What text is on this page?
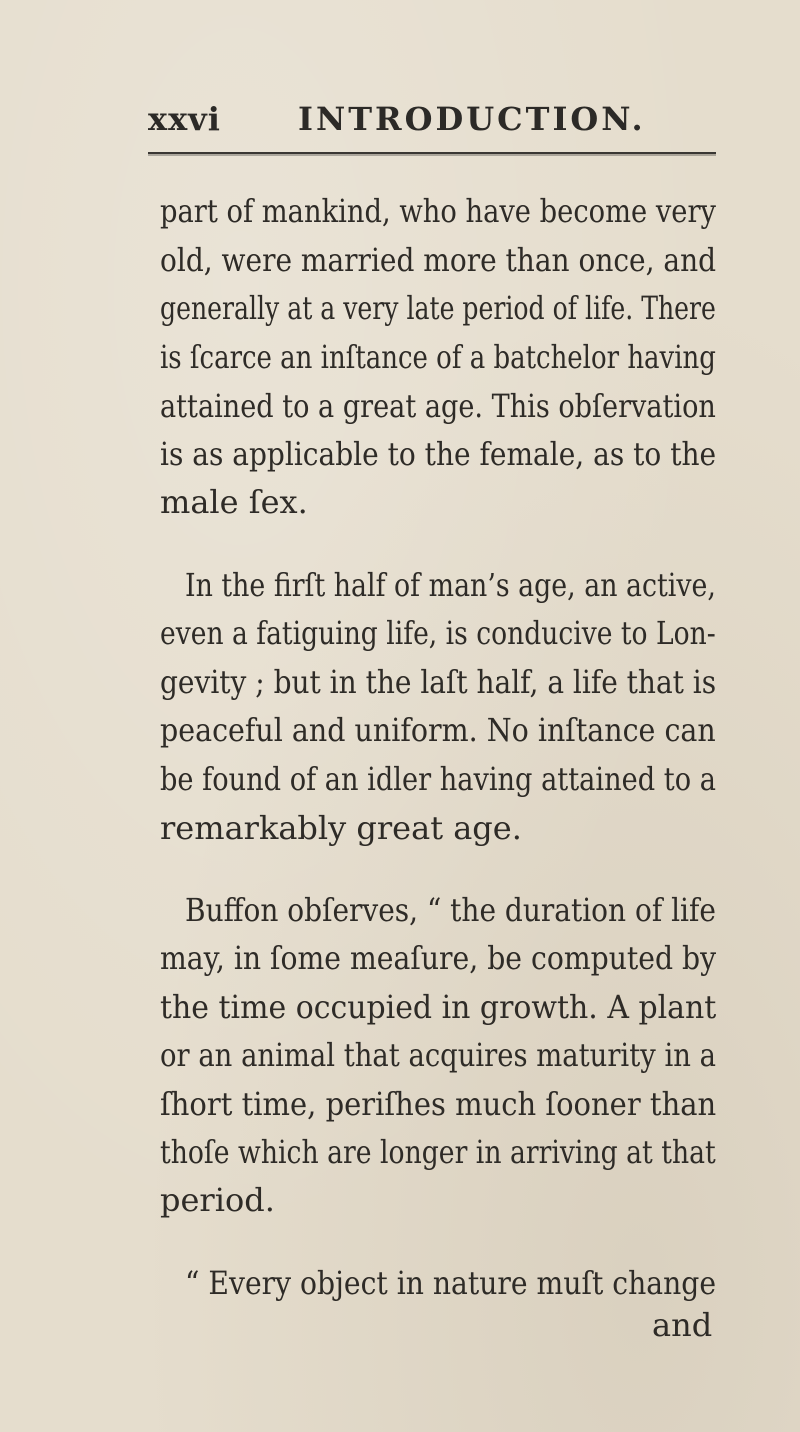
xxvi INTRODUCTION.
part of mankind, who have become very
old, were married more than once, and
generally at a very late period of life. There
is ſcarce an inſtance of a batchelor having
attained to a great age. This obſervation
is as applicable to the female, as to the
male ſex.
In the firſt half of man’s age, an active,
even a fatiguing life, is conducive to Lon-
gevity ; but in the laſt half, a life that is
peaceful and uniform. No inſtance can
be found of an idler having attained to a
remarkably great age.
Buffon obſerves, “ the duration of life
may, in ſome meaſure, be computed by
the time occupied in growth. A plant
or an animal that acquires maturity in a
ſhort time, periſhes much ſooner than
thoſe which are longer in arriving at that
period.
“ Every object in nature muſt change
and
